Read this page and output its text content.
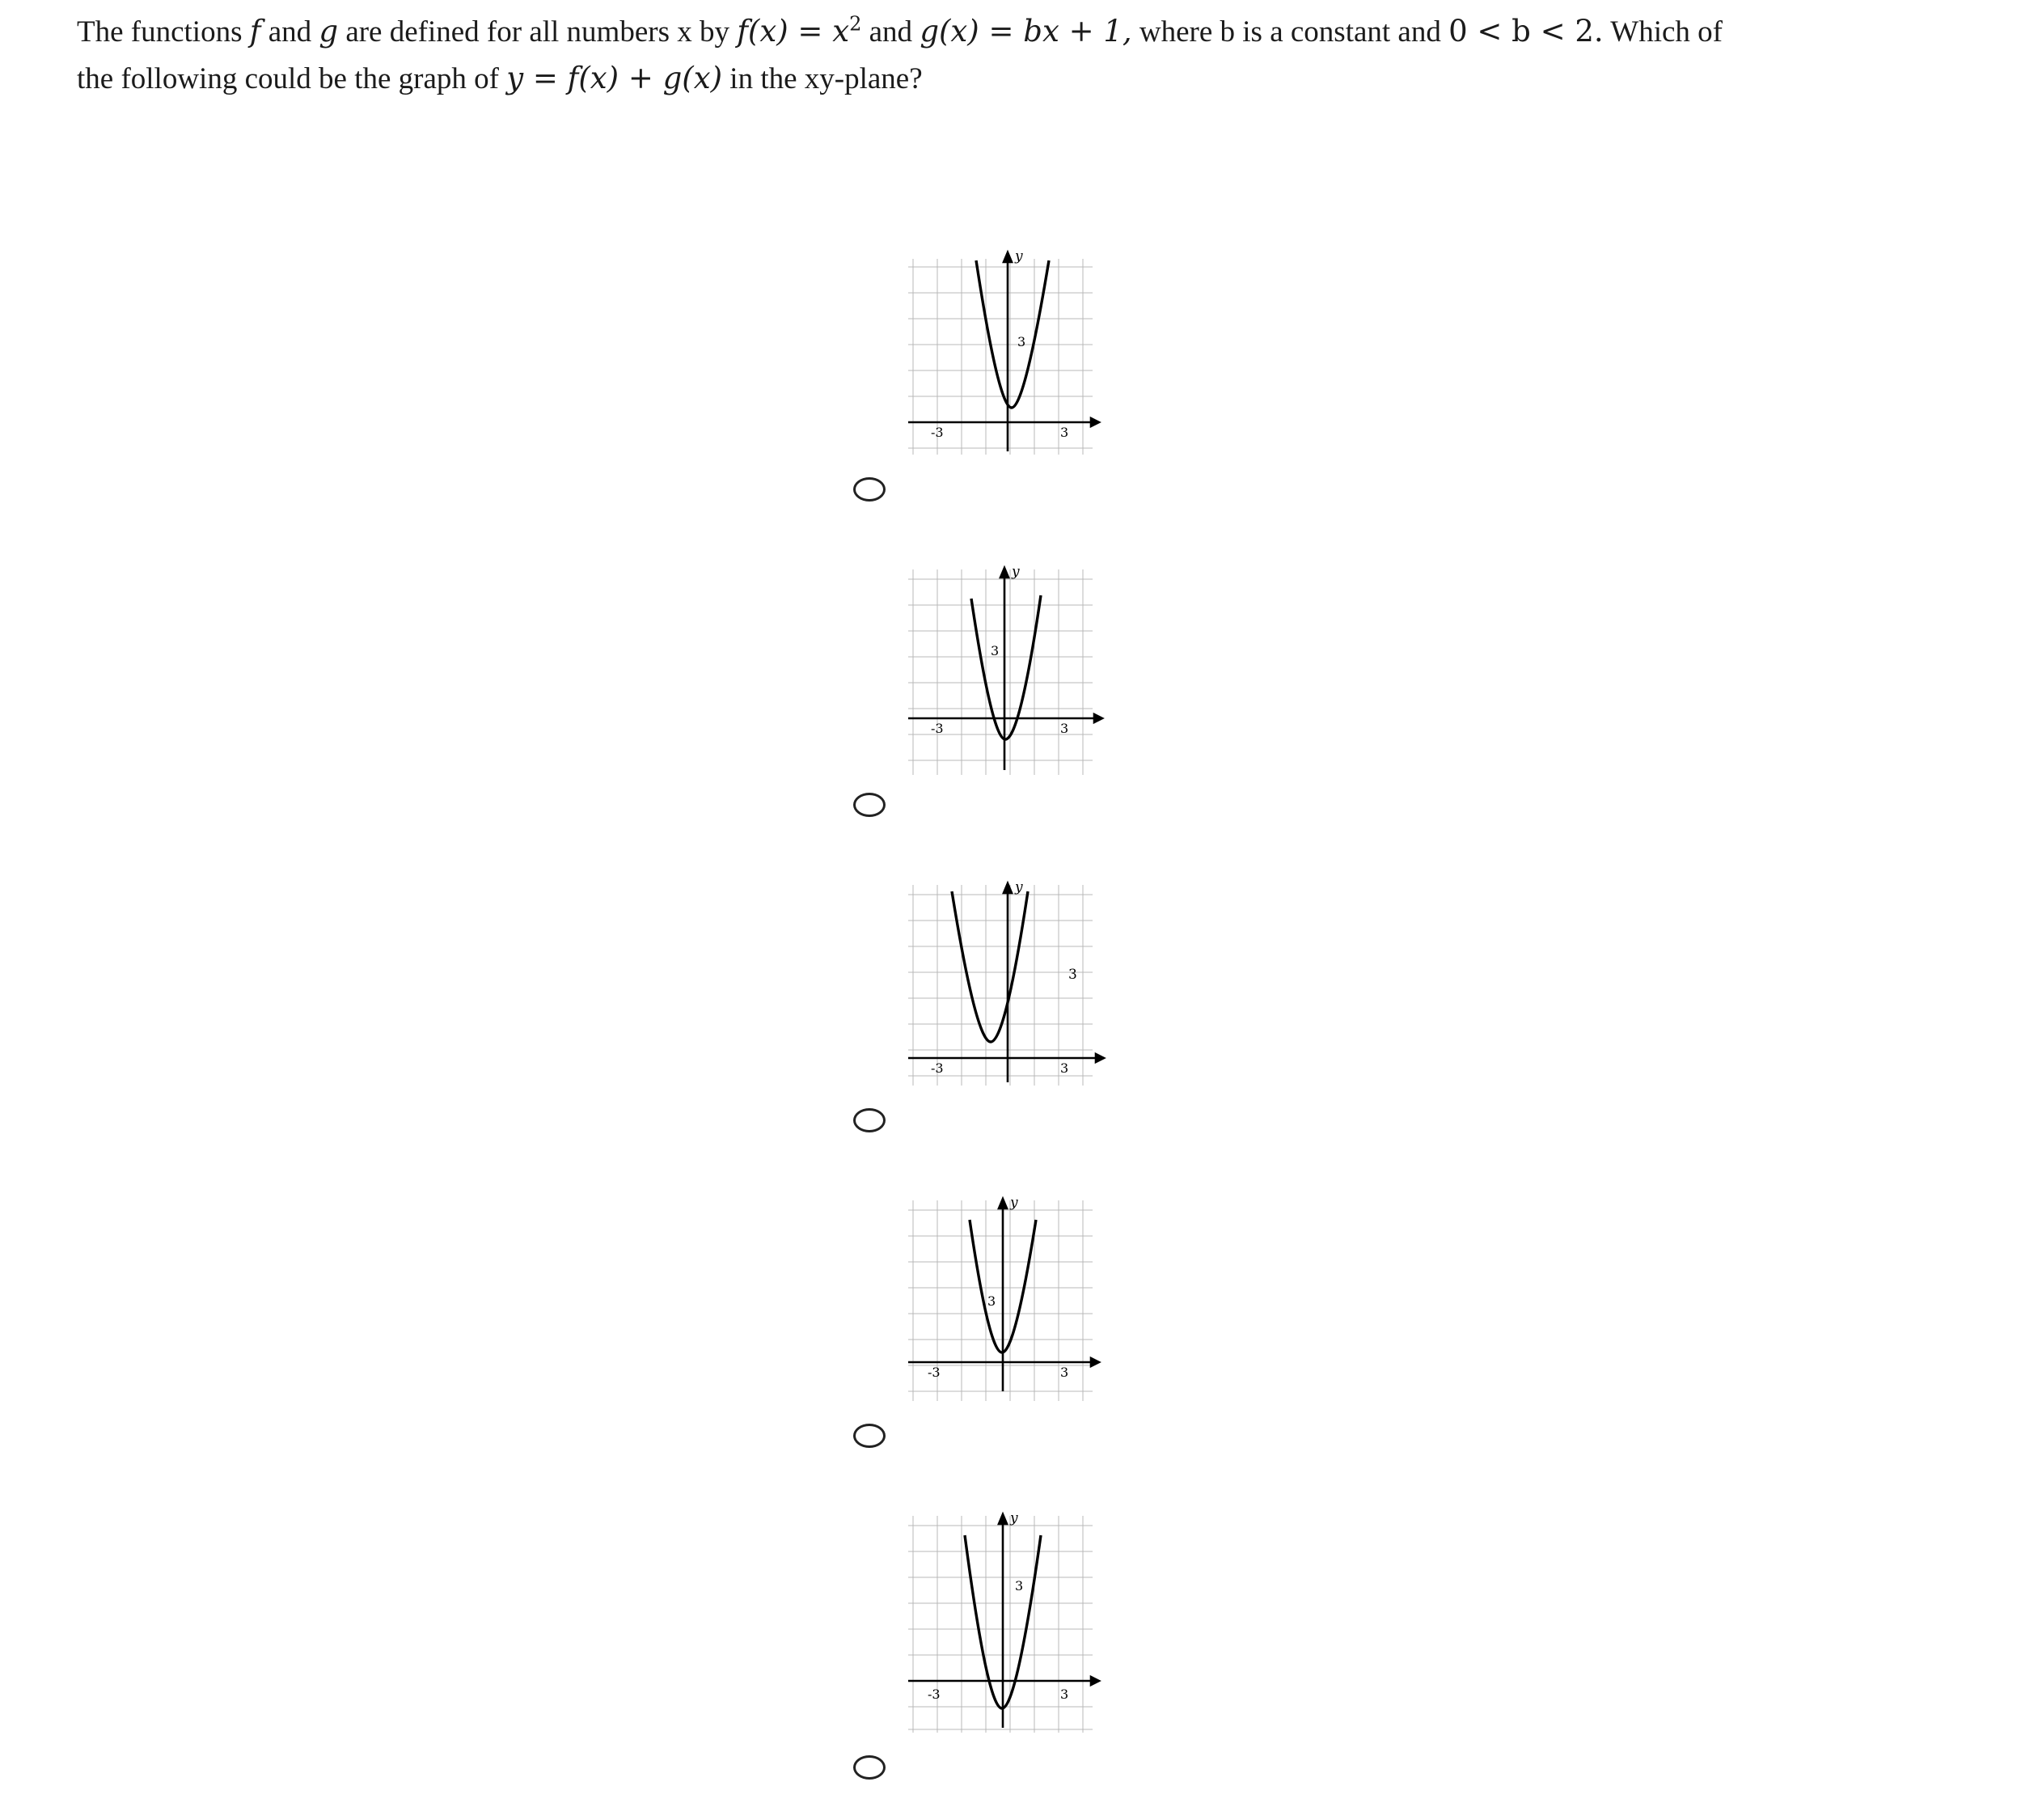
The functions f and g are defined for all numbers x by $f(x) = x^2$ and g(x) = bx + 1, where b is a constant and 0 < b < 2. Which of
the following could be the graph of y = f(x) + g(x) in the xy-plane?
y
3
-3	3
y
3
-3	3
y
3
-3	3
y
3
-3	3
y
3
-3	3
